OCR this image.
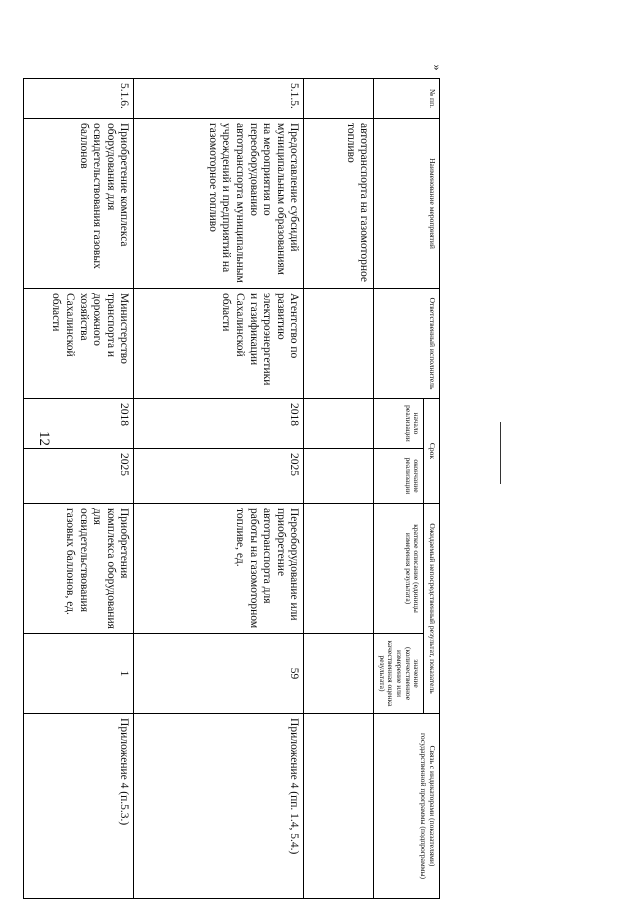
12
»
№ пп.	Наименование мероприятий	Ответственный исполнитель	Срок		Ожидаемый непосредственный результат, показатель		Связь с индикаторами (показателями) государственной программы (подпрограммы)
			начало реализации	окончание реализации	краткое описание (единицы измерения результата)	значение (количественное измерение или качественная оценка результата)	
	автотранспорта на газомоторное топливо						
5.1.5.	Предоставление субсидий муниципальным образованиям на мероприятия по переоборудованию автотранспорта муниципальным учреждений и предприятий на газомоторное топливо	Агентство по развитию электроэнергетики и газификации Сахалинской области	2018	2025	Переоборудование или приобретение автотранспорта для работы на газомоторном топливе, ед.	59	Приложение 4 (пп. 1.4, 5.4.)
5.1.6.	Приобретение комплекса оборудования для освидетельствования газовых баллонов	Министерство транспорта и дорожного хозяйства Сахалинской области	2018	2025	Приобретения комплекса оборудования для освидетельствования газовых баллонов, ед.	1	Приложение 4 (п.5.3.)
